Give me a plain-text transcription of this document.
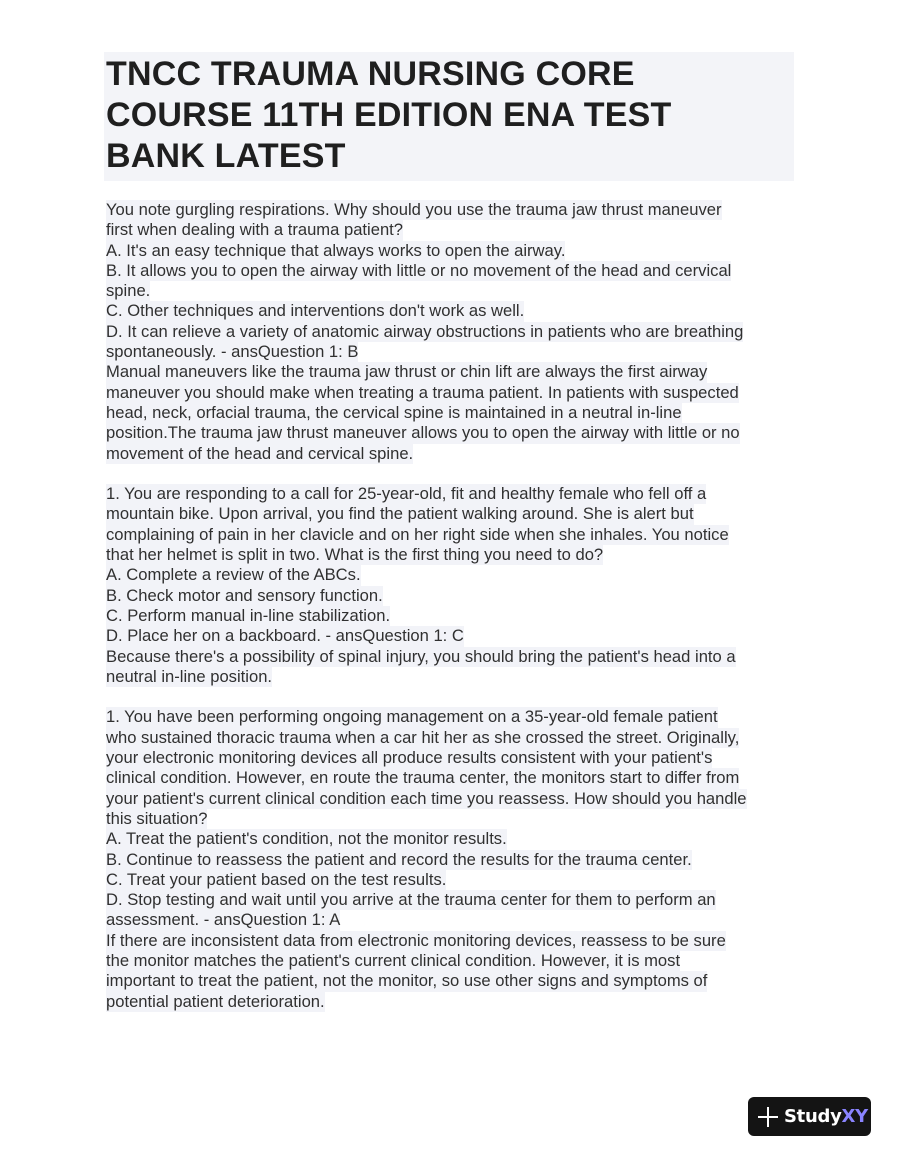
TNCC TRAUMA NURSING CORE
COURSE 11TH EDITION ENA TEST
BANK LATEST
You note gurgling respirations. Why should you use the trauma jaw thrust maneuver
first when dealing with a trauma patient?
A. It's an easy technique that always works to open the airway.
B. It allows you to open the airway with little or no movement of the head and cervical
spine.
C. Other techniques and interventions don't work as well.
D. It can relieve a variety of anatomic airway obstructions in patients who are breathing
spontaneously. - ansQuestion 1: B
Manual maneuvers like the trauma jaw thrust or chin lift are always the first airway
maneuver you should make when treating a trauma patient. In patients with suspected
head, neck, orfacial trauma, the cervical spine is maintained in a neutral in-line
position.The trauma jaw thrust maneuver allows you to open the airway with little or no
movement of the head and cervical spine.
1. You are responding to a call for 25-year-old, fit and healthy female who fell off a
mountain bike. Upon arrival, you find the patient walking around. She is alert but
complaining of pain in her clavicle and on her right side when she inhales. You notice
that her helmet is split in two. What is the first thing you need to do?
A. Complete a review of the ABCs.
B. Check motor and sensory function.
C. Perform manual in-line stabilization.
D. Place her on a backboard. - ansQuestion 1: C
Because there's a possibility of spinal injury, you should bring the patient's head into a
neutral in-line position.
1. You have been performing ongoing management on a 35-year-old female patient
who sustained thoracic trauma when a car hit her as she crossed the street. Originally,
your electronic monitoring devices all produce results consistent with your patient's
clinical condition. However, en route the trauma center, the monitors start to differ from
your patient's current clinical condition each time you reassess. How should you handle
this situation?
A. Treat the patient's condition, not the monitor results.
B. Continue to reassess the patient and record the results for the trauma center.
C. Treat your patient based on the test results.
D. Stop testing and wait until you arrive at the trauma center for them to perform an
assessment. - ansQuestion 1: A
If there are inconsistent data from electronic monitoring devices, reassess to be sure
the monitor matches the patient's current clinical condition. However, it is most
important to treat the patient, not the monitor, so use other signs and symptoms of
potential patient deterioration.
StudyXY
